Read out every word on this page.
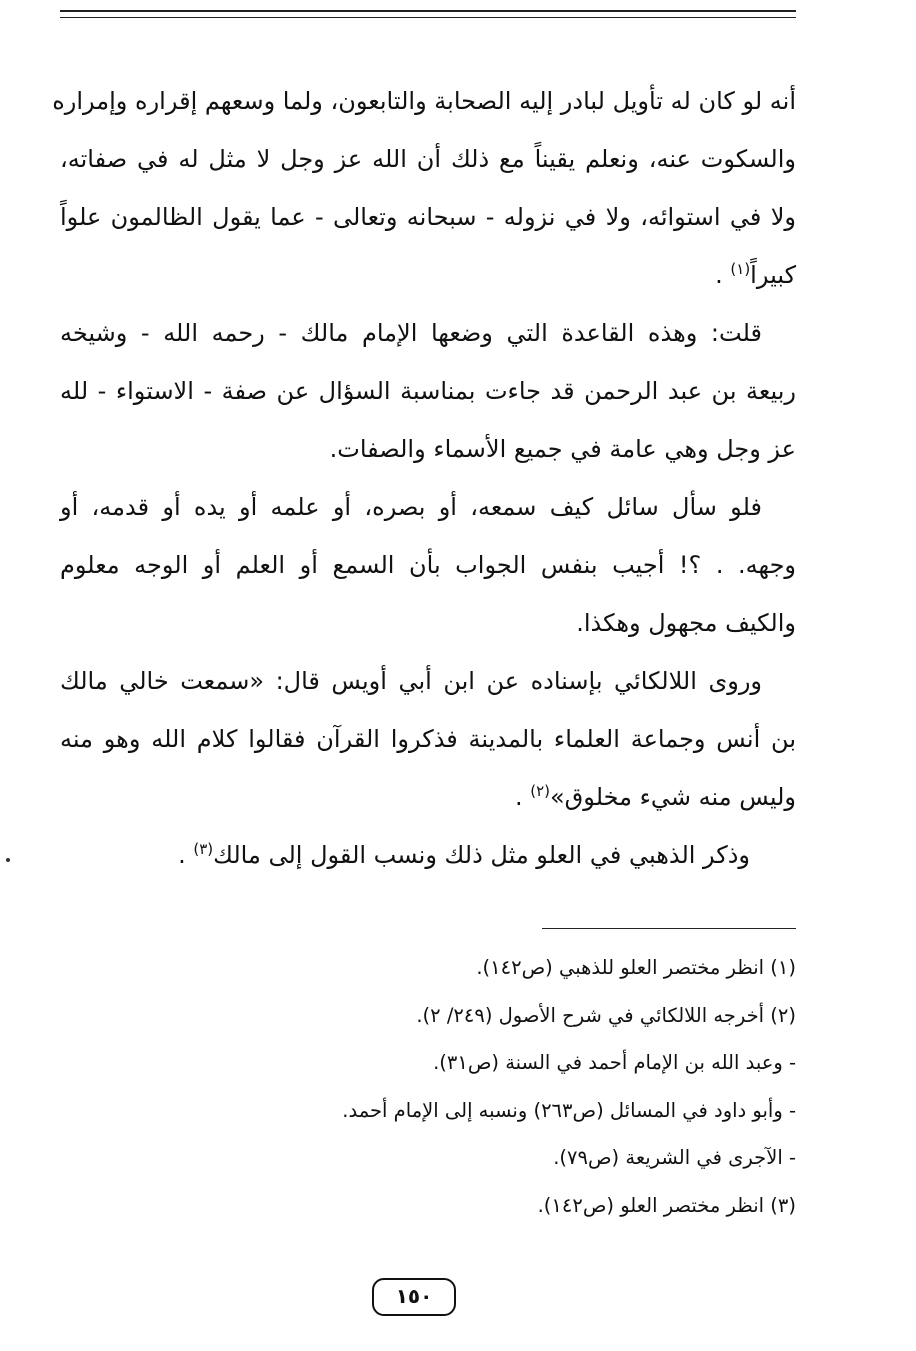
أنه لو كان له تأويل لبادر إليه الصحابة والتابعون، ولما وسعهم إقراره وإمراره
والسكوت عنه، ونعلم يقيناً مع ذلك أن الله عز وجل لا مثل له في صفاته،
ولا في استوائه، ولا في نزوله - سبحانه وتعالى - عما يقول الظالمون علواً
كبيراً$^{(١)}$ .
قلت: وهذه القاعدة التي وضعها الإمام مالك - رحمه الله - وشيخه
ربيعة بن عبد الرحمن قد جاءت بمناسبة السؤال عن صفة - الاستواء - لله
عز وجل وهي عامة في جميع الأسماء والصفات.
فلو سأل سائل كيف سمعه، أو بصره، أو علمه أو يده أو قدمه، أو
وجهه. . ؟! أجيب بنفس الجواب بأن السمع أو العلم أو الوجه معلوم
والكيف مجهول وهكذا.
وروى اللالكائي بإسناده عن ابن أبي أويس قال: «سمعت خالي مالك
بن أنس وجماعة العلماء بالمدينة فذكروا القرآن فقالوا كلام الله وهو منه
وليس منه شيء مخلوق»$^{(٢)}$ .
وذكر الذهبي في العلو مثل ذلك ونسب القول إلى مالك$^{(٣)}$ .
(١) انظر مختصر العلو للذهبي (ص١٤٢).
(٢) أخرجه اللالكائي في شرح الأصول (٢٤٩/ ٢).
- وعبد الله بن الإمام أحمد في السنة (ص٣١).
- وأبو داود في المسائل (ص٢٦٣) ونسبه إلى الإمام أحمد.
- الآجرى في الشريعة (ص٧٩).
(٣) انظر مختصر العلو (ص١٤٢).
١٥٠
